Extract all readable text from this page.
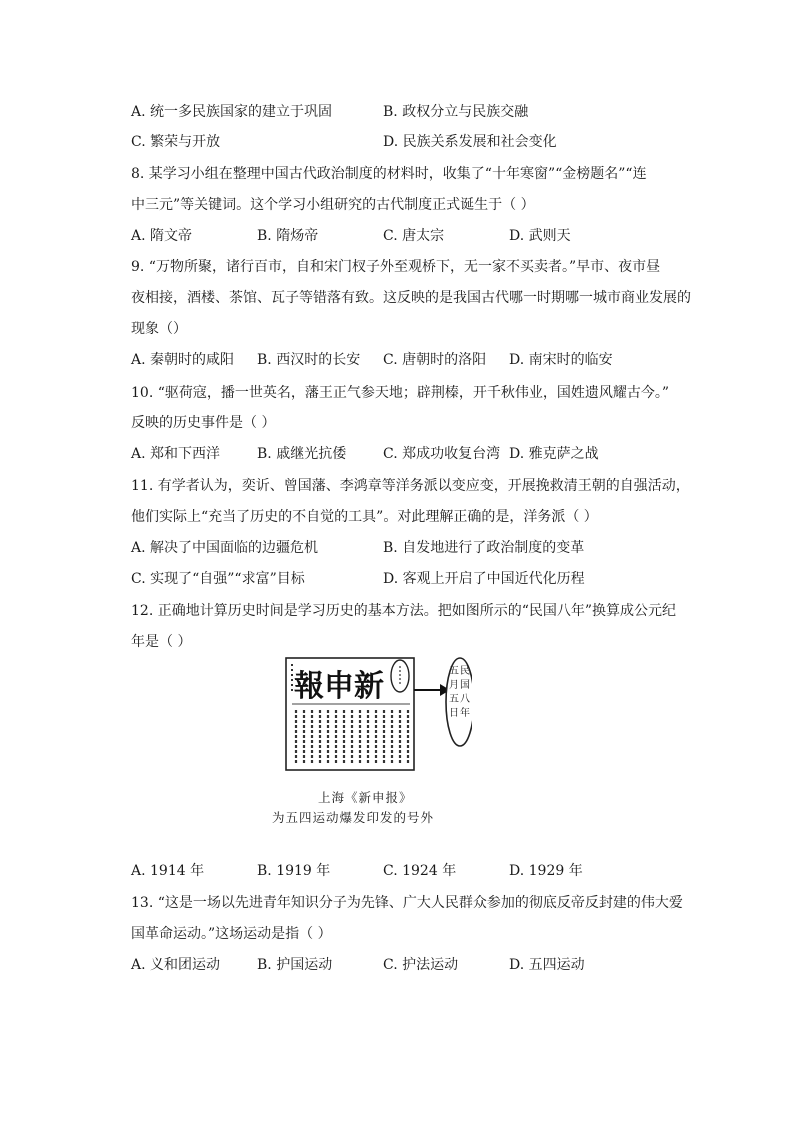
A. 统一多民族国家的建立于巩固	B. 政权分立与民族交融
C. 繁荣与开放	D. 民族关系发展和社会变化
8. 某学习小组在整理中国古代政治制度的材料时，收集了“十年寒窗”“金榜题名”“连
中三元”等关键词。这个学习小组研究的古代制度正式诞生于（ ）
A. 隋文帝	B. 隋炀帝	C. 唐太宗	D. 武则天
9. “万物所聚，诸行百市，自和宋门杈子外至观桥下，无一家不买卖者。”早市、夜市昼
夜相接，酒楼、茶馆、瓦子等错落有致。这反映的是我国古代哪一时期哪一城市商业发展的
现象（）
A. 秦朝时的咸阳 B. 西汉时的长安 C. 唐朝时的洛阳 D. 南宋时的临安
10. “驱荷寇，播一世英名，藩王正气参天地；辟荆榛，开千秋伟业，国姓遗风耀古今。”
反映的历史事件是（ ）
A. 郑和下西洋	B. 戚继光抗倭	C. 郑成功收复台湾 D. 雅克萨之战
11. 有学者认为，奕䜣、曾国藩、李鸿章等洋务派以变应变，开展挽救清王朝的自强活动，
他们实际上“充当了历史的不自觉的工具”。对此理解正确的是，洋务派（ ）
A. 解决了中国面临的边疆危机	B. 自发地进行了政治制度的变革
C. 实现了“自强”“求富”目标	D. 客观上开启了中国近代化历程
12. 正确地计算历史时间是学习历史的基本方法。把如图所示的“民国八年”换算成公元纪
年是（ ）
報申新	民
国
八
年
五
月
五
日
上海《新申报》
为五四运动爆发印发的号外
A. 1914 年	B. 1919 年	C. 1924 年	D. 1929 年
13. “这是一场以先进青年知识分子为先锋、广大人民群众参加的彻底反帝反封建的伟大爱
国革命运动。”这场运动是指（ ）
A. 义和团运动	B. 护国运动	C. 护法运动	D. 五四运动
